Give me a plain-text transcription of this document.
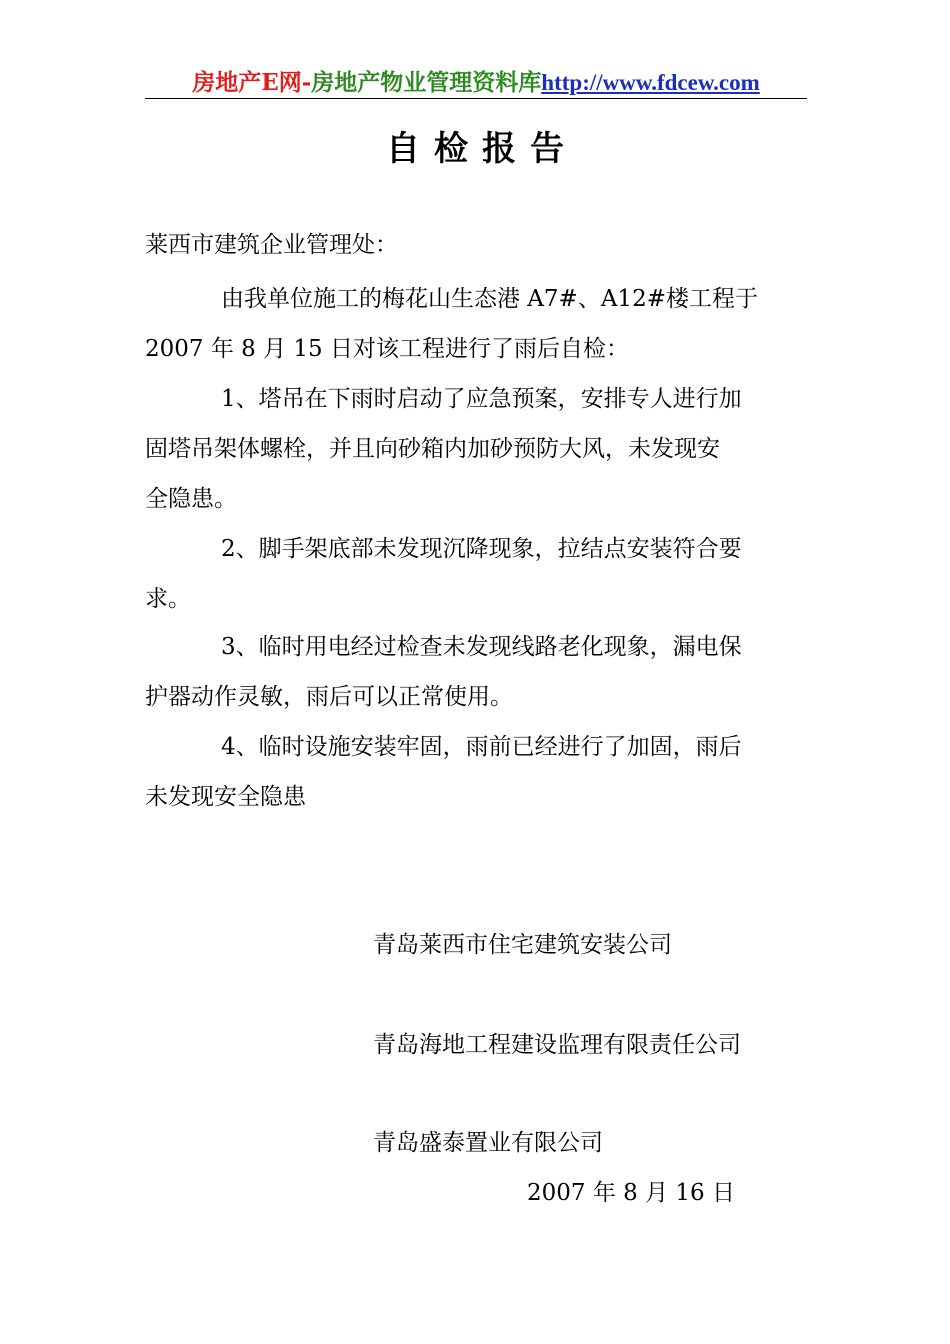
房地产E网-房地产物业管理资料库http://www.fdcew.com
自检报告
莱西市建筑企业管理处：
由我单位施工的梅花山生态港 A7#、A12#楼工程于
2007 年 8 月 15 日对该工程进行了雨后自检：
1、塔吊在下雨时启动了应急预案，安排专人进行加
固塔吊架体螺栓，并且向砂箱内加砂预防大风，未发现安
全隐患。
2、脚手架底部未发现沉降现象，拉结点安装符合要
求。
3、临时用电经过检查未发现线路老化现象，漏电保
护器动作灵敏，雨后可以正常使用。
4、临时设施安装牢固，雨前已经进行了加固，雨后
未发现安全隐患
青岛莱西市住宅建筑安装公司
青岛海地工程建设监理有限责任公司
青岛盛泰置业有限公司
2007 年 8 月 16 日
